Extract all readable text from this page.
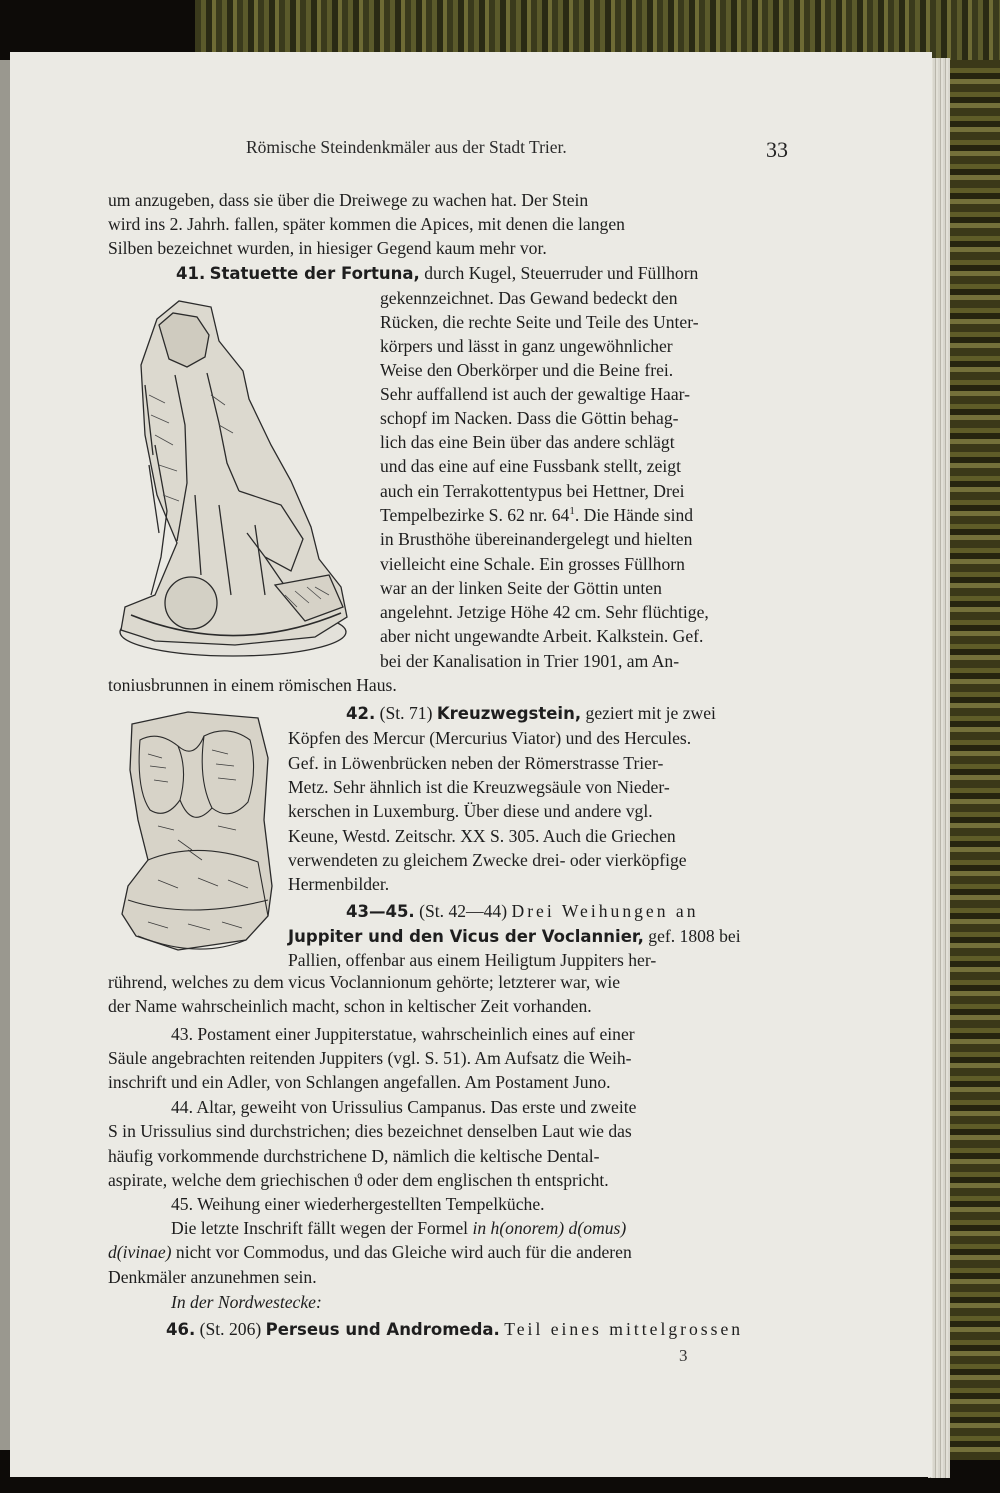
Römische Steindenkmäler aus der Stadt Trier.	33
um anzugeben, dass sie über die Dreiwege zu wachen hat. Der Stein
wird ins 2. Jahrh. fallen, später kommen die Apices, mit denen die langen
Silben bezeichnet wurden, in hiesiger Gegend kaum mehr vor.
41. Statuette der Fortuna, durch Kugel, Steuerruder und Füllhorn
gekennzeichnet. Das Gewand bedeckt den
Rücken, die rechte Seite und Teile des Unter-
körpers und lässt in ganz ungewöhnlicher
Weise den Oberkörper und die Beine frei.
Sehr auffallend ist auch der gewaltige Haar-
schopf im Nacken. Dass die Göttin behag-
lich das eine Bein über das andere schlägt
und das eine auf eine Fussbank stellt, zeigt
auch ein Terrakottentypus bei Hettner, Drei
Tempelbezirke S. 62 nr. $64^1$. Die Hände sind
in Brusthöhe übereinandergelegt und hielten
vielleicht eine Schale. Ein grosses Füllhorn
war an der linken Seite der Göttin unten
angelehnt. Jetzige Höhe 42 cm. Sehr flüchtige,
aber nicht ungewandte Arbeit. Kalkstein. Gef.
bei der Kanalisation in Trier 1901, am An-
toniusbrunnen in einem römischen Haus.
42. (St. 71) Kreuzwegstein, geziert mit je zwei
Köpfen des Mercur (Mercurius Viator) und des Hercules.
Gef. in Löwenbrücken neben der Römerstrasse Trier-
Metz. Sehr ähnlich ist die Kreuzwegsäule von Nieder-
kerschen in Luxemburg. Über diese und andere vgl.
Keune, Westd. Zeitschr. XX S. 305. Auch die Griechen
verwendeten zu gleichem Zwecke drei- oder vierköpfige
Hermenbilder.
43—45. (St. 42—44) Drei Weihungen an
Juppiter und den Vicus der Voclannier, gef. 1808 bei
Pallien, offenbar aus einem Heiligtum Juppiters her-
rührend, welches zu dem vicus Voclannionum gehörte; letzterer war, wie
der Name wahrscheinlich macht, schon in keltischer Zeit vorhanden.
43. Postament einer Juppiterstatue, wahrscheinlich eines auf einer
Säule angebrachten reitenden Juppiters (vgl. S. 51). Am Aufsatz die Weih-
inschrift und ein Adler, von Schlangen angefallen. Am Postament Juno.
44. Altar, geweiht von Urissulius Campanus. Das erste und zweite
S in Urissulius sind durchstrichen; dies bezeichnet denselben Laut wie das
häufig vorkommende durchstrichene D, nämlich die keltische Dental-
aspirate, welche dem griechischen ϑ oder dem englischen th entspricht.
45. Weihung einer wiederhergestellten Tempelküche.
Die letzte Inschrift fällt wegen der Formel in h(onorem) d(omus)
d(ivinae) nicht vor Commodus, und das Gleiche wird auch für die anderen
Denkmäler anzunehmen sein.
In der Nordwestecke:
46. (St. 206) Perseus und Andromeda. Teil eines mittelgrossen
3
